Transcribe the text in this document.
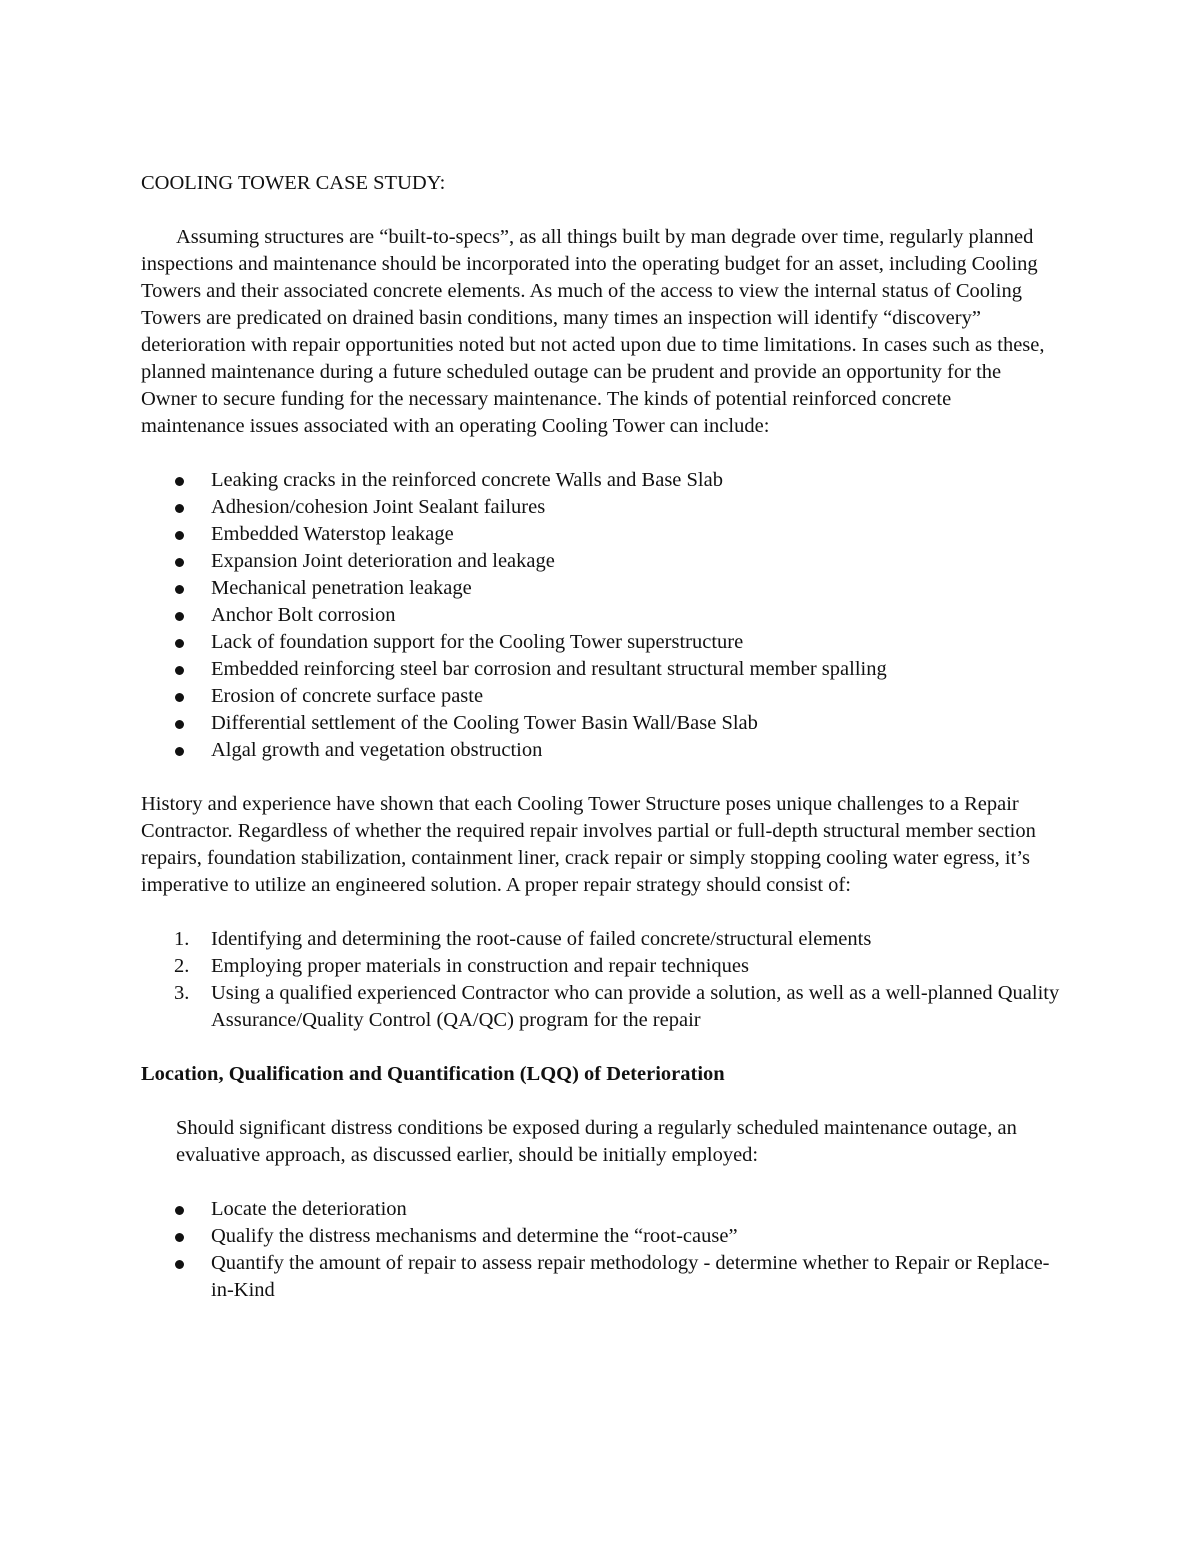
COOLING TOWER CASE STUDY:

Assuming structures are “built-to-specs”, as all things built by man degrade over time, regularly planned inspections and maintenance should be incorporated into the operating budget for an asset, including Cooling Towers and their associated concrete elements. As much of the access to view the internal status of Cooling Towers are predicated on drained basin conditions, many times an inspection will identify “discovery” deterioration with repair opportunities noted but not acted upon due to time limitations. In cases such as these, planned maintenance during a future scheduled outage can be prudent and provide an opportunity for the Owner to secure funding for the necessary maintenance. The kinds of potential reinforced concrete maintenance issues associated with an operating Cooling Tower can include:

Leaking cracks in the reinforced concrete Walls and Base Slab
Adhesion/cohesion Joint Sealant failures
Embedded Waterstop leakage
Expansion Joint deterioration and leakage
Mechanical penetration leakage
Anchor Bolt corrosion
Lack of foundation support for the Cooling Tower superstructure
Embedded reinforcing steel bar corrosion and resultant structural member spalling
Erosion of concrete surface paste
Differential settlement of the Cooling Tower Basin Wall/Base Slab
Algal growth and vegetation obstruction

History and experience have shown that each Cooling Tower Structure poses unique challenges to a Repair Contractor. Regardless of whether the required repair involves partial or full-depth structural member section repairs, foundation stabilization, containment liner, crack repair or simply stopping cooling water egress, it’s imperative to utilize an engineered solution. A proper repair strategy should consist of:

1. Identifying and determining the root-cause of failed concrete/structural elements
2. Employing proper materials in construction and repair techniques
3. Using a qualified experienced Contractor who can provide a solution, as well as a well-planned Quality Assurance/Quality Control (QA/QC) program for the repair
Location, Qualification and Quantification (LQQ) of Deterioration

Should significant distress conditions be exposed during a regularly scheduled maintenance outage, an evaluative approach, as discussed earlier, should be initially employed:

Locate the deterioration
Qualify the distress mechanisms and determine the “root-cause”
Quantify the amount of repair to assess repair methodology - determine whether to Repair or Replace-in-Kind
